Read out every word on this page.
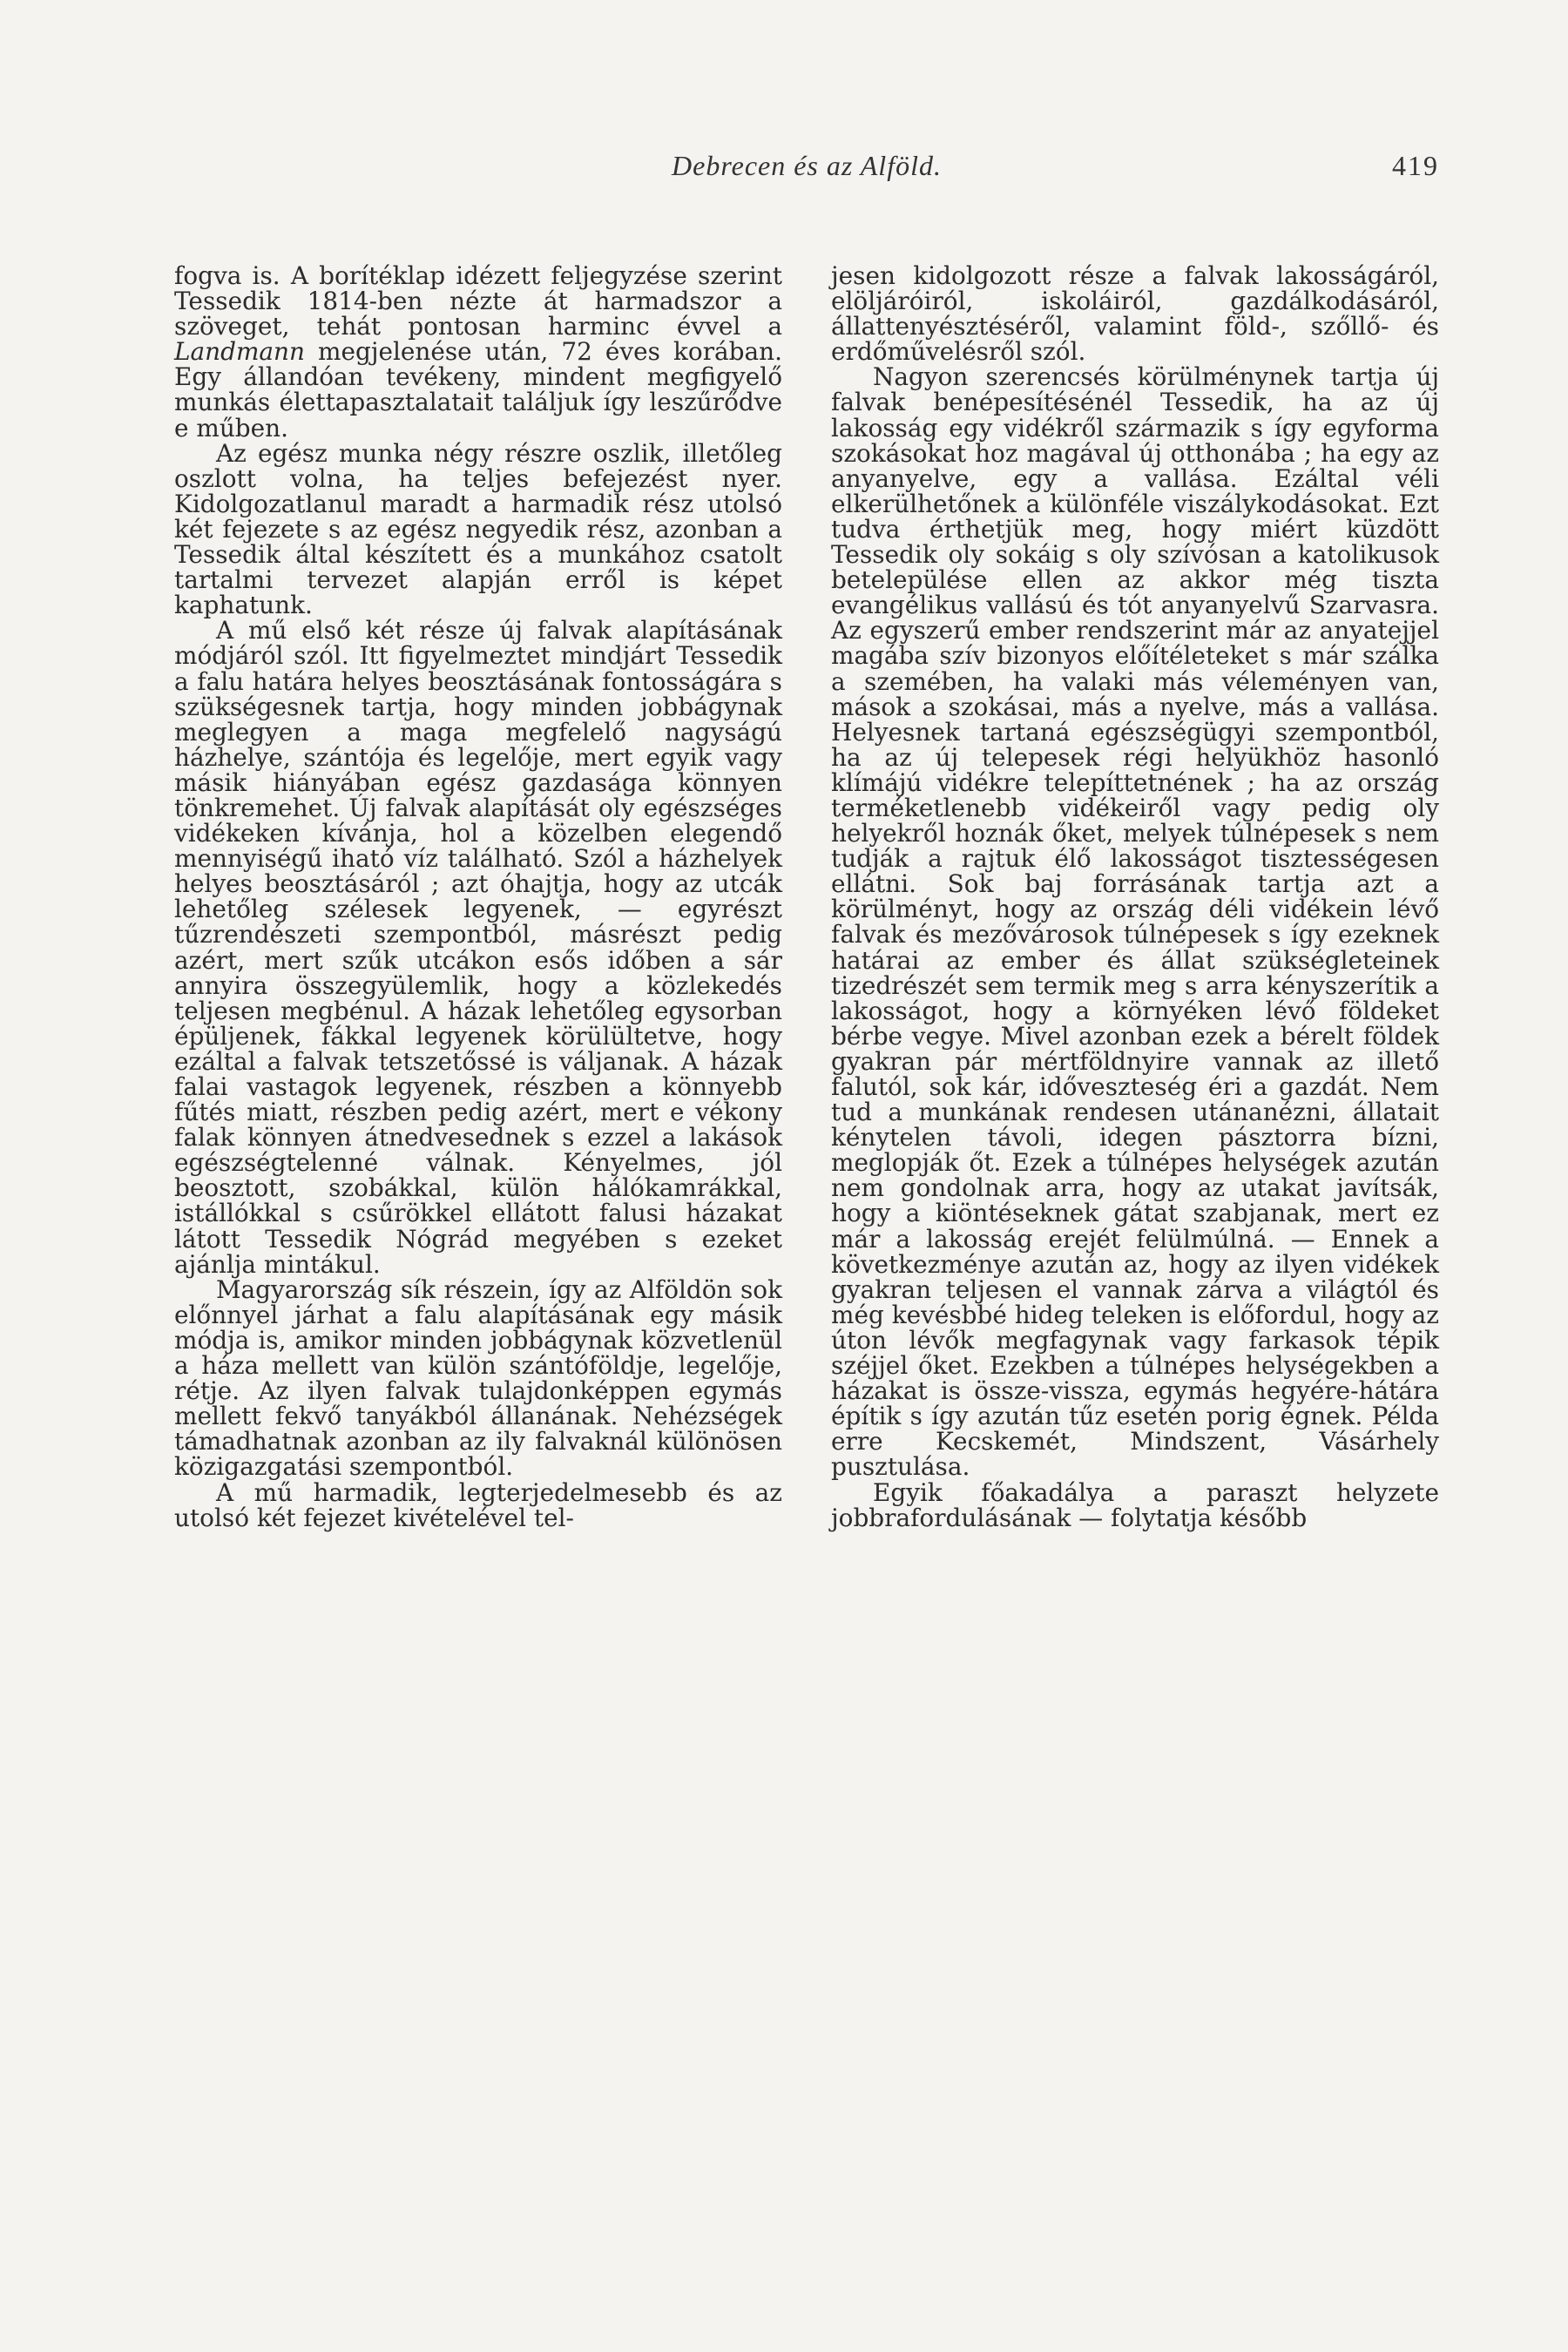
Debrecen és az Alföld.	419

fogva is. A borítéklap idézett feljegyzése szerint Tessedik 1814-ben nézte át harmadszor a szöveget, tehát pontosan harminc évvel a Landmann megjelenése után, 72 éves korában. Egy állandóan tevékeny, mindent megfigyelő munkás élettapasztalatait találjuk így leszűrődve e műben.

Az egész munka négy részre oszlik, illetőleg oszlott volna, ha teljes befejezést nyer. Kidolgozatlanul maradt a harmadik rész utolsó két fejezete s az egész negyedik rész, azonban a Tessedik által készített és a munkához csatolt tartalmi tervezet alapján erről is képet kaphatunk.

A mű első két része új falvak alapításának módjáról szól. Itt figyelmeztet mindjárt Tessedik a falu határa helyes beosztásának fontosságára s szükségesnek tartja, hogy minden jobbágynak meglegyen a maga megfelelő nagyságú házhelye, szántója és legelője, mert egyik vagy másik hiányában egész gazdasága könnyen tönkremehet. Új falvak alapítását oly egészséges vidékeken kívánja, hol a közelben elegendő mennyiségű iható víz található. Szól a házhelyek helyes beosztásáról ; azt óhajtja, hogy az utcák lehetőleg szélesek legyenek, — egyrészt tűzrendészeti szempontból, másrészt pedig azért, mert szűk utcákon esős időben a sár annyira összegyülemlik, hogy a közlekedés teljesen megbénul. A házak lehetőleg egysorban épüljenek, fákkal legyenek körülültetve, hogy ezáltal a falvak tetszetőssé is váljanak. A házak falai vastagok legyenek, részben a könnyebb fűtés miatt, részben pedig azért, mert e vékony falak könnyen átnedvesednek s ezzel a lakások egészségtelenné válnak. Kényelmes, jól beosztott, szobákkal, külön hálókamrákkal, istállókkal s csűrökkel ellátott falusi házakat látott Tessedik Nógrád megyében s ezeket ajánlja mintákul.

Magyarország sík részein, így az Alföldön sok előnnyel járhat a falu alapításának egy másik módja is, amikor minden jobbágynak közvetlenül a háza mellett van külön szántóföldje, legelője, rétje. Az ilyen falvak tulajdonképpen egymás mellett fekvő tanyákból állanának. Nehézségek támadhatnak azonban az ily falvaknál különösen közigazgatási szempontból.

A mű harmadik, legterjedelmesebb és az utolsó két fejezet kivételével tel-

jesen kidolgozott része a falvak lakosságáról, elöljáróiról, iskoláiról, gazdálkodásáról, állattenyésztéséről, valamint föld-, szőllő- és erdőművelésről szól.

Nagyon szerencsés körülménynek tartja új falvak benépesítésénél Tessedik, ha az új lakosság egy vidékről származik s így egyforma szokásokat hoz magával új otthonába ; ha egy az anyanyelve, egy a vallása. Ezáltal véli elkerülhetőnek a különféle viszálykodásokat. Ezt tudva érthetjük meg, hogy miért küzdött Tessedik oly sokáig s oly szívósan a katolikusok betelepülése ellen az akkor még tiszta evangélikus vallású és tót anyanyelvű Szarvasra. Az egyszerű ember rendszerint már az anyatejjel magába szív bizonyos előítéleteket s már szálka a szemében, ha valaki más véleményen van, mások a szokásai, más a nyelve, más a vallása. Helyesnek tartaná egészségügyi szempontból, ha az új telepesek régi helyükhöz hasonló klímájú vidékre telepíttetnének ; ha az ország terméketlenebb vidékeiről vagy pedig oly helyekről hoznák őket, melyek túlnépesek s nem tudják a rajtuk élő lakosságot tisztességesen ellátni. Sok baj forrásának tartja azt a körülményt, hogy az ország déli vidékein lévő falvak és mezővárosok túlnépesek s így ezeknek határai az ember és állat szükségleteinek tizedrészét sem termik meg s arra kényszerítik a lakosságot, hogy a környéken lévő földeket bérbe vegye. Mivel azonban ezek a bérelt földek gyakran pár mértföldnyire vannak az illető falutól, sok kár, időveszteség éri a gazdát. Nem tud a munkának rendesen utánanézni, állatait kénytelen távoli, idegen pásztorra bízni, meglopják őt. Ezek a túlnépes helységek azután nem gondolnak arra, hogy az utakat javítsák, hogy a kiöntéseknek gátat szabjanak, mert ez már a lakosság erejét felülmúlná. — Ennek a következménye azután az, hogy az ilyen vidékek gyakran teljesen el vannak zárva a világtól és még kevésbbé hideg teleken is előfordul, hogy az úton lévők megfagynak vagy farkasok tépik széjjel őket. Ezekben a túlnépes helységekben a házakat is össze-vissza, egymás hegyére-hátára építik s így azután tűz esetén porig égnek. Példa erre Kecskemét, Mindszent, Vásárhely pusztulása.

Egyik főakadálya a paraszt helyzete jobbrafordulásának — folytatja később
